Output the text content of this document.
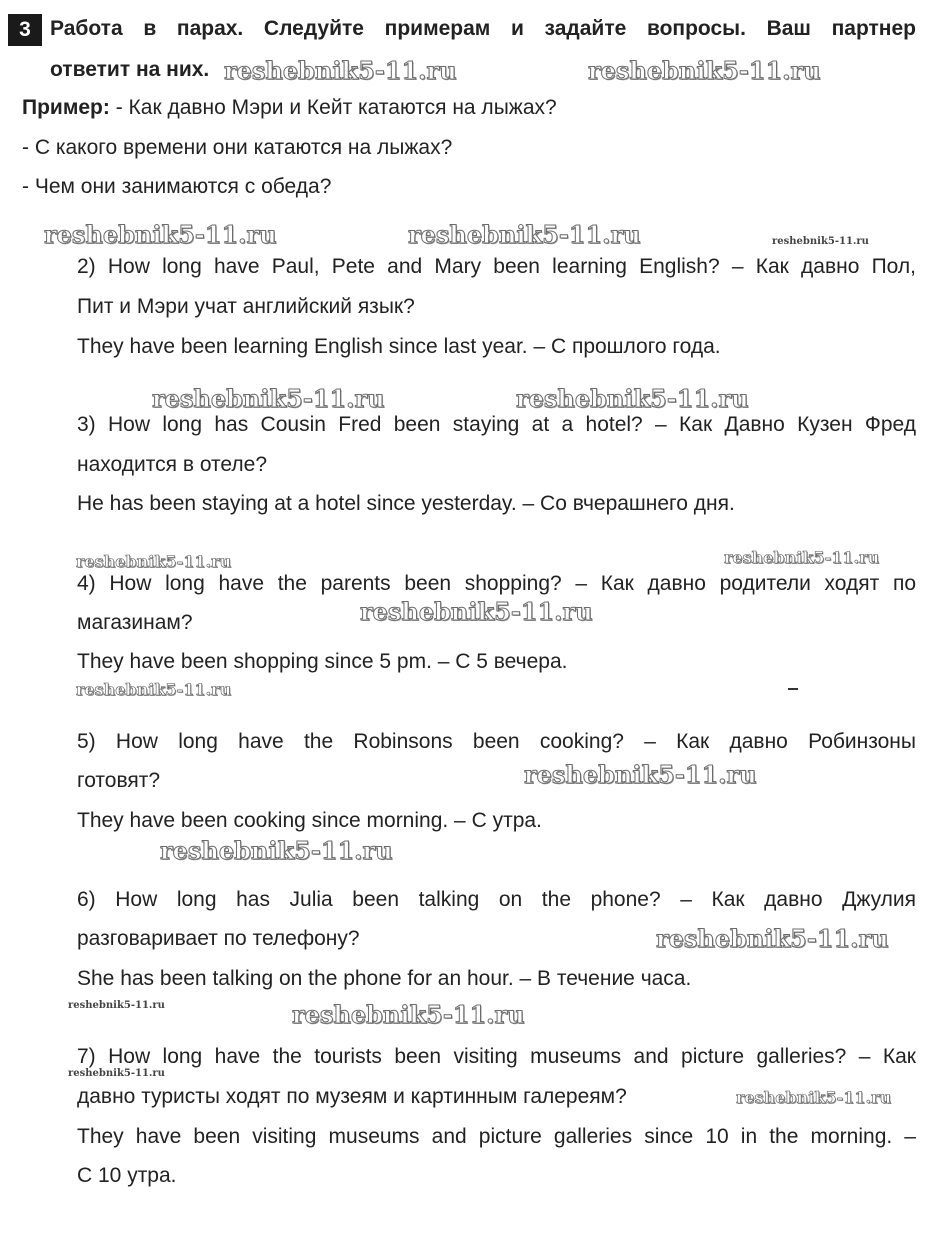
3 Работа в парах. Следуйте примерам и задайте вопросы. Ваш партнер
ответит на них.
Пример: - Как давно Мэри и Кейт катаются на лыжах?
- С какого времени они катаются на лыжах?
- Чем они занимаются с обеда?
2) How long have Paul, Pete and Mary been learning English? – Как давно Пол,
Пит и Мэри учат английский язык?
They have been learning English since last year. – С прошлого года.
3) How long has Cousin Fred been staying at a hotel? – Как Давно Кузен Фред
находится в отеле?
He has been staying at a hotel since yesterday. – Со вчерашнего дня.
4) How long have the parents been shopping? – Как давно родители ходят по
магазинам?
They have been shopping since 5 pm. – С 5 вечера.
5) How long have the Robinsons been cooking? – Как давно Робинзоны
готовят?
They have been cooking since morning. – С утра.
6) How long has Julia been talking on the phone? – Как давно Джулия
разговаривает по телефону?
She has been talking on the phone for an hour. – В течение часа.
7) How long have the tourists been visiting museums and picture galleries? – Как
давно туристы ходят по музеям и картинным галереям?
They have been visiting museums and picture galleries since 10 in the morning. –
С 10 утра.
reshebnik5-11.ru	reshebnik5-11.ru
reshebnik5-11.ru	reshebnik5-11.ru	reshebnik5-11.ru
reshebnik5-11.ru	reshebnik5-11.ru
reshebnik5-11.ru	reshebnik5-11.ru
reshebnik5-11.ru
reshebnik5-11.ru
reshebnik5-11.ru
reshebnik5-11.ru
reshebnik5-11.ru
reshebnik5-11.ru	reshebnik5-11.ru
reshebnik5-11.ru
reshebnik5-11.ru
